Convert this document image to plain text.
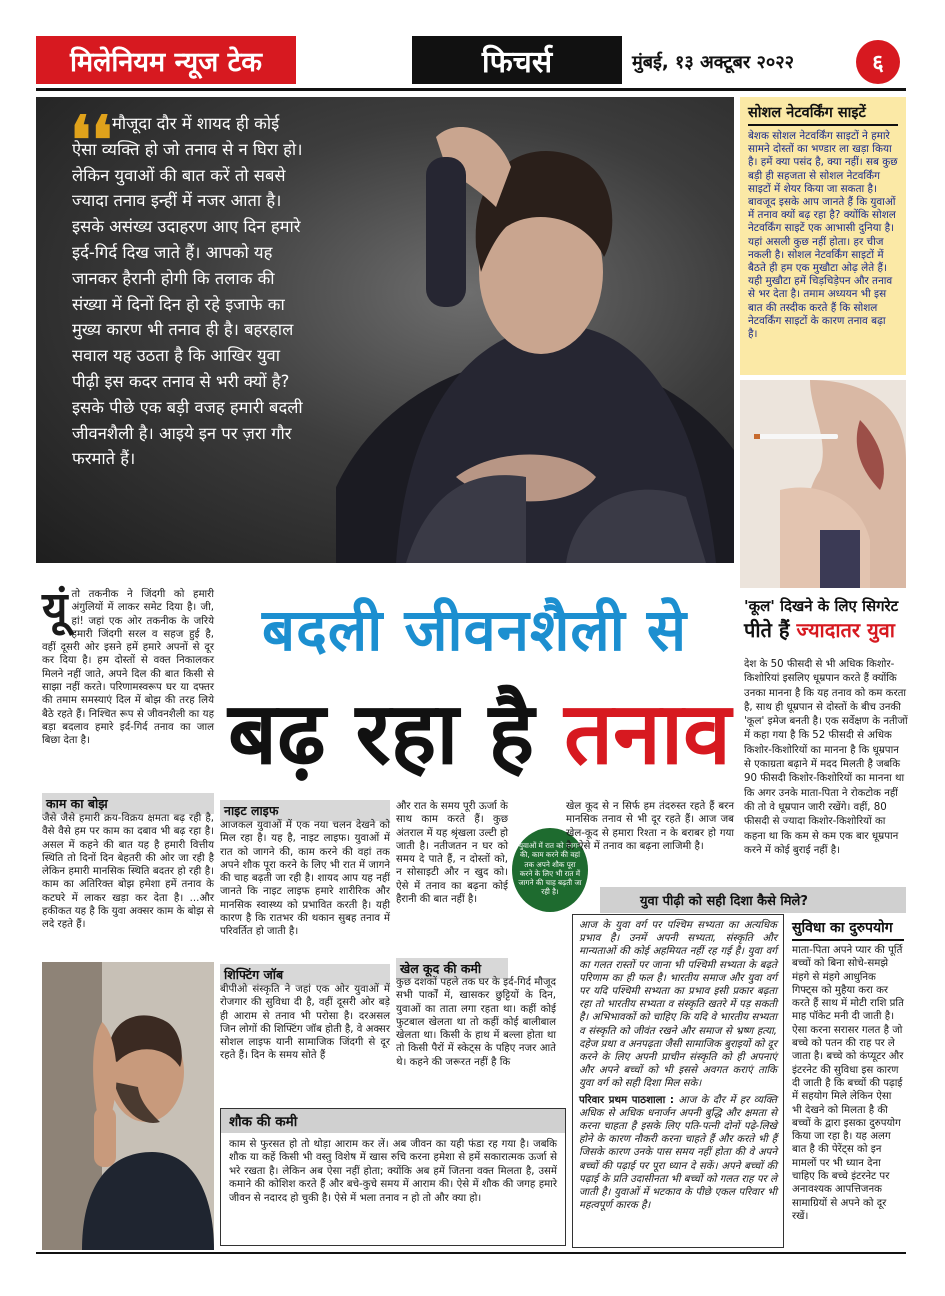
मिलेनियम न्यूज टेक	फिचर्स	मुंबई, १३ अक्टूबर २०२२	६
❛❛ मौजूदा दौर में शायद ही कोई ऐसा व्यक्ति हो जो तनाव से न घिरा हो। लेकिन युवाओं की बात करें तो सबसे ज्यादा तनाव इन्हीं में नजर आता है। इसके असंख्य उदाहरण आए दिन हमारे इर्द-गिर्द दिख जाते हैं। आपको यह जानकर हैरानी होगी कि तलाक की संख्या में दिनों दिन हो रहे इजाफे का मुख्य कारण भी तनाव ही है। बहरहाल सवाल यह उठता है कि आखिर युवा पीढ़ी इस कदर तनाव से भरी क्यों है? इसके पीछे एक बड़ी वजह हमारी बदली जीवनशैली है। आइये इन पर ज़रा गौर फरमाते हैं।

सोशल नेटवर्किंग साइटें

बेशक सोशल नेटवर्किंग साइटों ने हमारे सामने दोस्तों का भण्डार ला खड़ा किया है। हमें क्या पसंद है, क्या नहीं। सब कुछ बड़ी ही सहजता से सोशल नेटवर्किंग साइटों में शेयर किया जा सकता है। बावजूद इसके आप जानते हैं कि युवाओं में तनाव क्यों बढ़ रहा है? क्योंकि सोशल नेटवर्किंग साइटें एक आभासी दुनिया है। यहां असली कुछ नहीं होता। हर चीज नकली है। सोशल नेटवर्किंग साइटों में बैठते ही हम एक मुखौटा ओढ़ लेते हैं। यही मुखौटा हमें चिड़चिड़ेपन और तनाव से भर देता है। तमाम अध्ययन भी इस बात की तस्दीक करते हैं कि सोशल नेटवर्किंग साइटों के कारण तनाव बढ़ा है।

'कूल' दिखने के लिए सिगरेट
पीते हैं ज्यादातर युवा

देश के 50 फीसदी से भी अधिक किशोर-किशोरियां इसलिए धूम्रपान करते हैं क्योंकि उनका मानना है कि यह तनाव को कम करता है, साथ ही धूम्रपान से दोस्तों के बीच उनकी 'कूल' इमेज बनती है। एक सर्वेक्षण के नतीजों में कहा गया है कि 52 फीसदी से अधिक किशोर-किशोरियों का मानना है कि धूम्रपान से एकाग्रता बढ़ाने में मदद मिलती है जबकि 90 फीसदी किशोर-किशोरियों का मानना था कि अगर उनके माता-पिता ने रोकटोक नहीं की तो वे धूम्रपान जारी रखेंगे। वहीं, 80 फीसदी से ज्यादा किशोर-किशोरियों का कहना था कि कम से कम एक बार धूम्रपान करने में कोई बुराई नहीं है।

बदली जीवनशैली से
बढ़ रहा है तनाव
यूंतो तकनीक ने जिंदगी को हमारी अंगुलियों में लाकर समेट दिया है। जी, हां! जहां एक ओर तकनीक के जरिये हमारी जिंदगी सरल व सहज हुई है, वहीं दूसरी ओर इसने हमें हमारे अपनों से दूर कर दिया है। हम दोस्तों से वक्त निकालकर मिलने नहीं जाते, अपने दिल की बात किसी से साझा नहीं करते। परिणामस्वरूप घर या दफ्तर की तमाम समस्याएं दिल में बोझ की तरह लिये बैठे रहते हैं। निश्चित रूप से जीवनशैली का यह बड़ा बदलाव हमारे इर्द-गिर्द तनाव का जाल बिछा देता है।
काम का बोझ

जैसे जैसे हमारी क्रय-विक्रय क्षमता बढ़ रही है, वैसे वैसे हम पर काम का दबाव भी बढ़ रहा है। असल में कहने की बात यह है हमारी वित्तीय स्थिति तो दिनों दिन बेहतरी की ओर जा रही है लेकिन हमारी मानसिक स्थिति बदतर हो रही है। काम का अतिरिक्त बोझ हमेशा हमें तनाव के कटघरे में लाकर खड़ा कर देता है। ...और हकीकत यह है कि युवा अक्सर काम के बोझ से लदे रहते हैं।

नाइट लाइफ

आजकल युवाओं में एक नया चलन देखने को मिल रहा है। यह है, नाइट लाइफ। युवाओं में रात को जागने की, काम करने की वहां तक अपने शौक पूरा करने के लिए भी रात में जागने की चाह बढ़ती जा रही है। शायद आप यह नहीं जानते कि नाइट लाइफ हमारे शारीरिक और मानसिक स्वास्थ्य को प्रभावित करती है। यही कारण है कि रातभर की थकान सुबह तनाव में परिवर्तित हो जाती है।

शिफ्टिंग जॉब

बीपीओ संस्कृति ने जहां एक ओर युवाओं में रोजगार की सुविधा दी है, वहीं दूसरी ओर बड़े ही आराम से तनाव भी परोसा है। दरअसल जिन लोगों की शिफ्टिंग जॉब होती है, वे अक्सर सोशल लाइफ यानी सामाजिक जिंदगी से दूर रहते हैं। दिन के समय सोते हैं

और रात के समय पूरी ऊर्जा के साथ काम करते हैं। कुछ अंतराल में यह श्रृंखला उल्टी हो जाती है। नतीजतन न घर को समय दे पाते हैं, न दोस्तों को, न सोसाइटी और न खुद को। ऐसे में तनाव का बढ़ना कोई हैरानी की बात नहीं है।

खेल कूद की कमी

कुछ दशकों पहले तक घर के इर्द-गिर्द मौजूद सभी पार्कों में, खासकर छुट्टियों के दिन, युवाओं का ताता लगा रहता था। कहीं कोई फुटबाल खेलता था तो कहीं कोई बालीबाल खेलता था। किसी के हाथ में बल्ला होता था तो किसी पैरों में स्केट्स के पहिए नजर आते थे। कहने की जरूरत नहीं है कि

युवाओं में रात को जागने की, काम करने की वहां तक अपने शौक पूरा करने के लिए भी रात में जागने की चाह बढ़ती जा रही है।

खेल कूद से न सिर्फ हम तंदरुस्त रहते हैं बरन मानसिक तनाव से भी दूर रहते हैं। आज जब खेल-कूद से हमारा रिश्ता न के बराबर हो गया है, ऐसे में तनाव का बढ़ना लाजिमी है।

युवा पीढ़ी को सही दिशा कैसे मिले?

आज के युवा वर्ग पर पश्चिम सभ्यता का अत्यधिक प्रभाव है। उनमें अपनी सभ्यता, संस्कृति और मान्यताओं की कोई अहमियत नहीं रह गई है। युवा वर्ग का गलत रास्तों पर जाना भी पश्चिमी सभ्यता के बढ़ते परिणाम का ही फल है। भारतीय समाज और युवा वर्ग पर यदि पश्चिमी सभ्यता का प्रभाव इसी प्रकार बढ़ता रहा तो भारतीय सभ्यता व संस्कृति खतरे में पड़ सकती है। अभिभावकों को चाहिए कि यदि वे भारतीय सभ्यता व संस्कृति को जीवंत रखने और समाज से भ्रष्ण हत्या, दहेज प्रथा व अनपढ़ता जैसी सामाजिक बुराइयों को दूर करने के लिए अपनी प्राचीन संस्कृति को ही अपनाएं और अपने बच्चों को भी इससे अवगत कराएं ताकि युवा वर्ग को सही दिशा मिल सके।

परिवार प्रथम पाठशाला : आज के दौर में हर व्यक्ति अधिक से अधिक धनार्जन अपनी बुद्धि और क्षमता से करना चाहता है इसके लिए पति-पत्नी दोनों पढ़े-लिखे होने के कारण नौकरी करना चाहते हैं और करते भी हैं जिसके कारण उनके पास समय नहीं होता की वे अपने बच्चों की पढ़ाई पर पूरा ध्यान दे सकें। अपने बच्चों की पढ़ाई के प्रति उदासीनता भी बच्चों को गलत राह पर ले जाती है। युवाओं में भटकाव के पीछे एकल परिवार भी महत्वपूर्ण कारक है।

सुविधा का दुरुपयोग

माता-पिता अपने प्यार की पूर्ति बच्चों को बिना सोचे-समझे मंहगे से मंहगे आधुनिक गिफ्ट्स को मुहैया करा कर करते हैं साथ में मोटी राशि प्रति माह पॉकेट मनी दी जाती है। ऐसा करना सरासर गलत है जो बच्चे को पतन की राह पर ले जाता है। बच्चे को कंप्यूटर और इंटरनेट की सुविधा इस कारण दी जाती है कि बच्चों की पढ़ाई में सहयोग मिले लेकिन ऐसा भी देखने को मिलता है की बच्चों के द्वारा इसका दुरुपयोग किया जा रहा है। यह अलग बात है की पेरेंट्स को इन मामलों पर भी ध्यान देना चाहिए कि बच्चे इंटरनेट पर अनावश्यक आपत्तिजनक सामाग्रियों से अपने को दूर रखें।

शौक की कमी

काम से फुरसत हो तो थोड़ा आराम कर लें। अब जीवन का यही फंडा रह गया है। जबकि शौक या कहें किसी भी वस्तु विशेष में खास रुचि करना हमेशा से हमें सकारात्मक ऊर्जा से भरे रखता है। लेकिन अब ऐसा नहीं होता; क्योंकि अब हमें जितना वक्त मिलता है, उसमें कमाने की कोशिश करते हैं और बचे-कुचे समय में आराम की। ऐसे में शौक की जगह हमारे जीवन से नदारद हो चुकी है। ऐसे में भला तनाव न हो तो और क्या हो।
